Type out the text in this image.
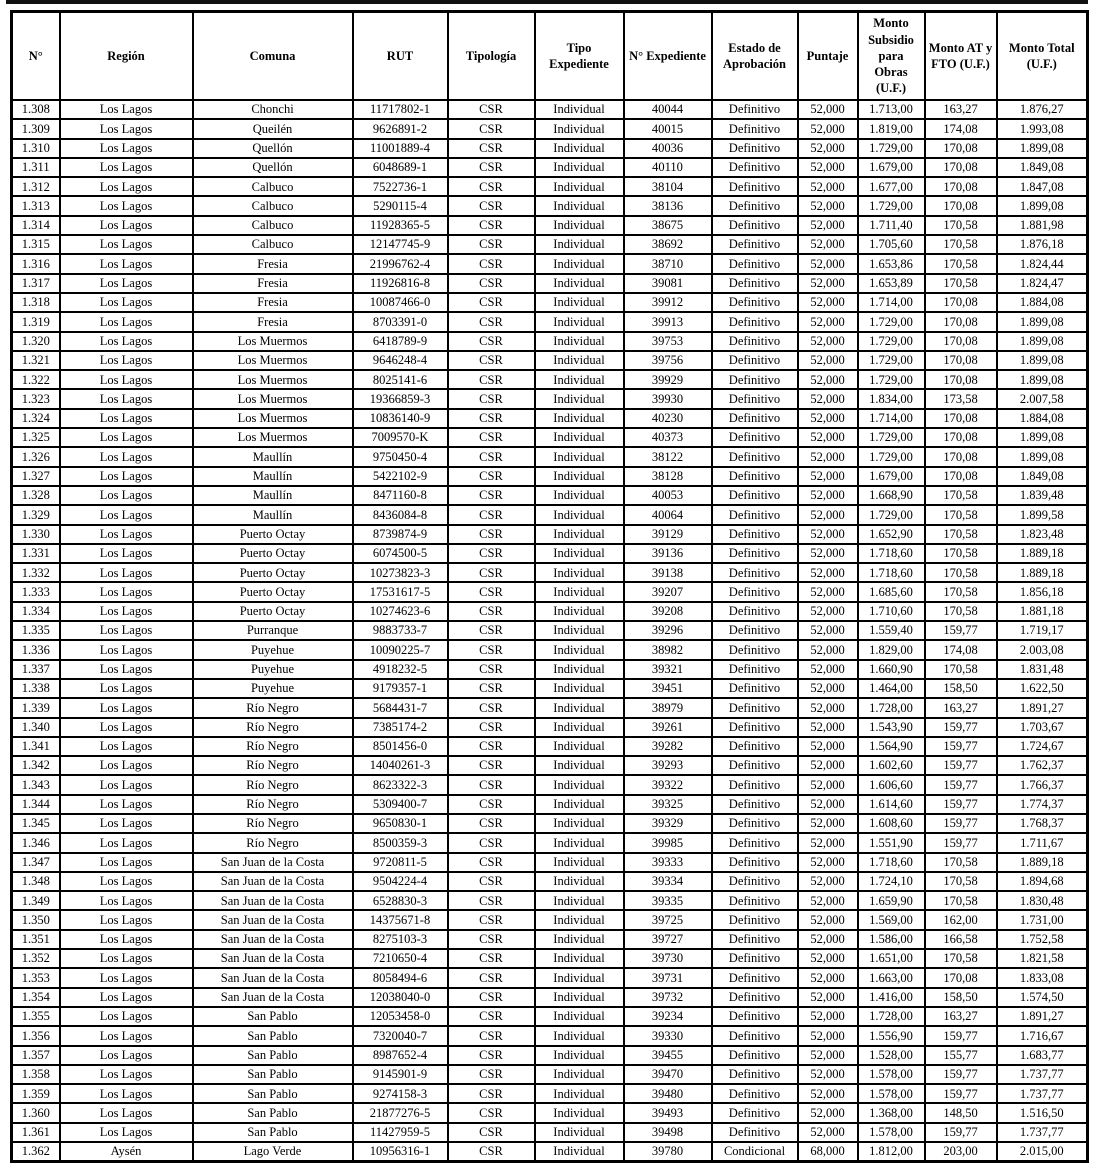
N°	Región	Comuna	RUT	Tipología	Tipo Expediente	N° Expediente	Estado de Aprobación	Puntaje	Monto Subsidio para Obras (U.F.)	Monto AT y FTO (U.F.)	Monto Total (U.F.)
1.308	Los Lagos	Chonchi	11717802-1	CSR	Individual	40044	Definitivo	52,000	1.713,00	163,27	1.876,27
1.309	Los Lagos	Queilén	9626891-2	CSR	Individual	40015	Definitivo	52,000	1.819,00	174,08	1.993,08
1.310	Los Lagos	Quellón	11001889-4	CSR	Individual	40036	Definitivo	52,000	1.729,00	170,08	1.899,08
1.311	Los Lagos	Quellón	6048689-1	CSR	Individual	40110	Definitivo	52,000	1.679,00	170,08	1.849,08
1.312	Los Lagos	Calbuco	7522736-1	CSR	Individual	38104	Definitivo	52,000	1.677,00	170,08	1.847,08
1.313	Los Lagos	Calbuco	5290115-4	CSR	Individual	38136	Definitivo	52,000	1.729,00	170,08	1.899,08
1.314	Los Lagos	Calbuco	11928365-5	CSR	Individual	38675	Definitivo	52,000	1.711,40	170,58	1.881,98
1.315	Los Lagos	Calbuco	12147745-9	CSR	Individual	38692	Definitivo	52,000	1.705,60	170,58	1.876,18
1.316	Los Lagos	Fresia	21996762-4	CSR	Individual	38710	Definitivo	52,000	1.653,86	170,58	1.824,44
1.317	Los Lagos	Fresia	11926816-8	CSR	Individual	39081	Definitivo	52,000	1.653,89	170,58	1.824,47
1.318	Los Lagos	Fresia	10087466-0	CSR	Individual	39912	Definitivo	52,000	1.714,00	170,08	1.884,08
1.319	Los Lagos	Fresia	8703391-0	CSR	Individual	39913	Definitivo	52,000	1.729,00	170,08	1.899,08
1.320	Los Lagos	Los Muermos	6418789-9	CSR	Individual	39753	Definitivo	52,000	1.729,00	170,08	1.899,08
1.321	Los Lagos	Los Muermos	9646248-4	CSR	Individual	39756	Definitivo	52,000	1.729,00	170,08	1.899,08
1.322	Los Lagos	Los Muermos	8025141-6	CSR	Individual	39929	Definitivo	52,000	1.729,00	170,08	1.899,08
1.323	Los Lagos	Los Muermos	19366859-3	CSR	Individual	39930	Definitivo	52,000	1.834,00	173,58	2.007,58
1.324	Los Lagos	Los Muermos	10836140-9	CSR	Individual	40230	Definitivo	52,000	1.714,00	170,08	1.884,08
1.325	Los Lagos	Los Muermos	7009570-K	CSR	Individual	40373	Definitivo	52,000	1.729,00	170,08	1.899,08
1.326	Los Lagos	Maullín	9750450-4	CSR	Individual	38122	Definitivo	52,000	1.729,00	170,08	1.899,08
1.327	Los Lagos	Maullín	5422102-9	CSR	Individual	38128	Definitivo	52,000	1.679,00	170,08	1.849,08
1.328	Los Lagos	Maullín	8471160-8	CSR	Individual	40053	Definitivo	52,000	1.668,90	170,58	1.839,48
1.329	Los Lagos	Maullín	8436084-8	CSR	Individual	40064	Definitivo	52,000	1.729,00	170,58	1.899,58
1.330	Los Lagos	Puerto Octay	8739874-9	CSR	Individual	39129	Definitivo	52,000	1.652,90	170,58	1.823,48
1.331	Los Lagos	Puerto Octay	6074500-5	CSR	Individual	39136	Definitivo	52,000	1.718,60	170,58	1.889,18
1.332	Los Lagos	Puerto Octay	10273823-3	CSR	Individual	39138	Definitivo	52,000	1.718,60	170,58	1.889,18
1.333	Los Lagos	Puerto Octay	17531617-5	CSR	Individual	39207	Definitivo	52,000	1.685,60	170,58	1.856,18
1.334	Los Lagos	Puerto Octay	10274623-6	CSR	Individual	39208	Definitivo	52,000	1.710,60	170,58	1.881,18
1.335	Los Lagos	Purranque	9883733-7	CSR	Individual	39296	Definitivo	52,000	1.559,40	159,77	1.719,17
1.336	Los Lagos	Puyehue	10090225-7	CSR	Individual	38982	Definitivo	52,000	1.829,00	174,08	2.003,08
1.337	Los Lagos	Puyehue	4918232-5	CSR	Individual	39321	Definitivo	52,000	1.660,90	170,58	1.831,48
1.338	Los Lagos	Puyehue	9179357-1	CSR	Individual	39451	Definitivo	52,000	1.464,00	158,50	1.622,50
1.339	Los Lagos	Río Negro	5684431-7	CSR	Individual	38979	Definitivo	52,000	1.728,00	163,27	1.891,27
1.340	Los Lagos	Río Negro	7385174-2	CSR	Individual	39261	Definitivo	52,000	1.543,90	159,77	1.703,67
1.341	Los Lagos	Río Negro	8501456-0	CSR	Individual	39282	Definitivo	52,000	1.564,90	159,77	1.724,67
1.342	Los Lagos	Río Negro	14040261-3	CSR	Individual	39293	Definitivo	52,000	1.602,60	159,77	1.762,37
1.343	Los Lagos	Río Negro	8623322-3	CSR	Individual	39322	Definitivo	52,000	1.606,60	159,77	1.766,37
1.344	Los Lagos	Río Negro	5309400-7	CSR	Individual	39325	Definitivo	52,000	1.614,60	159,77	1.774,37
1.345	Los Lagos	Río Negro	9650830-1	CSR	Individual	39329	Definitivo	52,000	1.608,60	159,77	1.768,37
1.346	Los Lagos	Río Negro	8500359-3	CSR	Individual	39985	Definitivo	52,000	1.551,90	159,77	1.711,67
1.347	Los Lagos	San Juan de la Costa	9720811-5	CSR	Individual	39333	Definitivo	52,000	1.718,60	170,58	1.889,18
1.348	Los Lagos	San Juan de la Costa	9504224-4	CSR	Individual	39334	Definitivo	52,000	1.724,10	170,58	1.894,68
1.349	Los Lagos	San Juan de la Costa	6528830-3	CSR	Individual	39335	Definitivo	52,000	1.659,90	170,58	1.830,48
1.350	Los Lagos	San Juan de la Costa	14375671-8	CSR	Individual	39725	Definitivo	52,000	1.569,00	162,00	1.731,00
1.351	Los Lagos	San Juan de la Costa	8275103-3	CSR	Individual	39727	Definitivo	52,000	1.586,00	166,58	1.752,58
1.352	Los Lagos	San Juan de la Costa	7210650-4	CSR	Individual	39730	Definitivo	52,000	1.651,00	170,58	1.821,58
1.353	Los Lagos	San Juan de la Costa	8058494-6	CSR	Individual	39731	Definitivo	52,000	1.663,00	170,08	1.833,08
1.354	Los Lagos	San Juan de la Costa	12038040-0	CSR	Individual	39732	Definitivo	52,000	1.416,00	158,50	1.574,50
1.355	Los Lagos	San Pablo	12053458-0	CSR	Individual	39234	Definitivo	52,000	1.728,00	163,27	1.891,27
1.356	Los Lagos	San Pablo	7320040-7	CSR	Individual	39330	Definitivo	52,000	1.556,90	159,77	1.716,67
1.357	Los Lagos	San Pablo	8987652-4	CSR	Individual	39455	Definitivo	52,000	1.528,00	155,77	1.683,77
1.358	Los Lagos	San Pablo	9145901-9	CSR	Individual	39470	Definitivo	52,000	1.578,00	159,77	1.737,77
1.359	Los Lagos	San Pablo	9274158-3	CSR	Individual	39480	Definitivo	52,000	1.578,00	159,77	1.737,77
1.360	Los Lagos	San Pablo	21877276-5	CSR	Individual	39493	Definitivo	52,000	1.368,00	148,50	1.516,50
1.361	Los Lagos	San Pablo	11427959-5	CSR	Individual	39498	Definitivo	52,000	1.578,00	159,77	1.737,77
1.362	Aysén	Lago Verde	10956316-1	CSR	Individual	39780	Condicional	68,000	1.812,00	203,00	2.015,00
